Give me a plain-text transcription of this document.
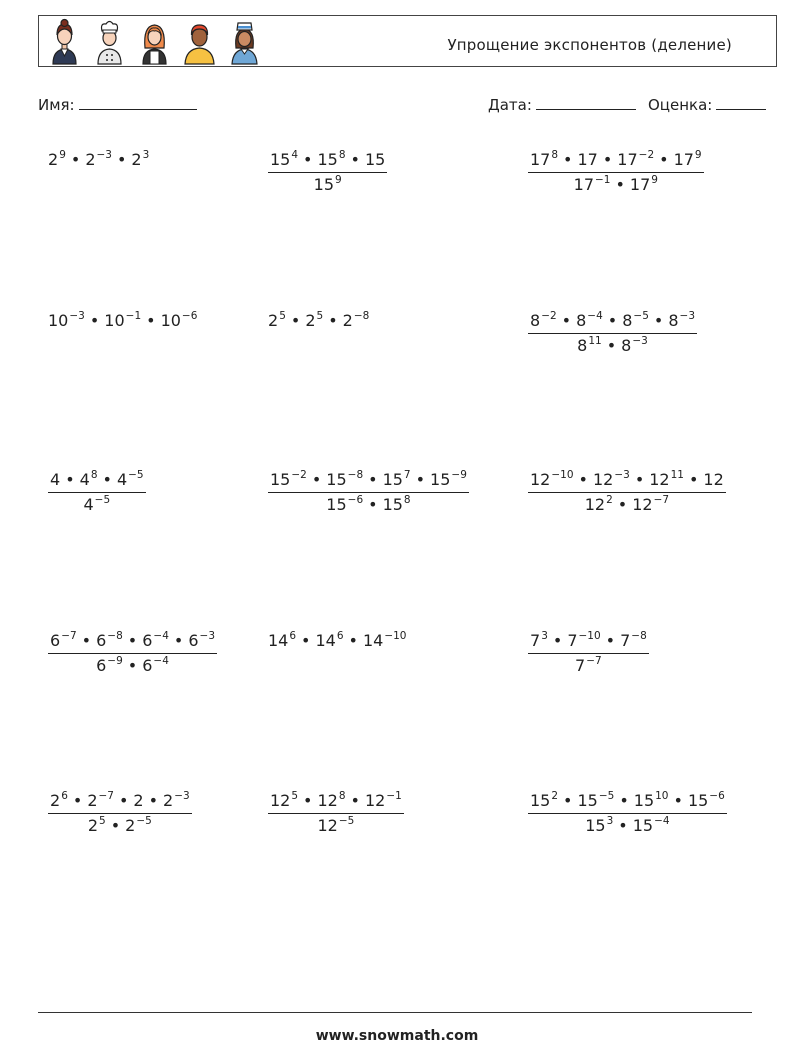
Упрощение экспонентов (деление)
Имя:	Дата:	Оценка:
$2^9$ • $2^{-3}$ • $2^3$	$\frac{15^4 • 15^8 • 15}{15^9}$	$\frac{17^8 • 17 • 17^{-2} • 17^9}{17^{-1} • 17^9}$
$10^{-3}$ • $10^{-1}$ • $10^{-6}$	$2^5$ • $2^5$ • $2^{-8}$	$\frac{8^{-2} • 8^{-4} • 8^{-5} • 8^{-3}}{8^{11} • 8^{-3}}$
$\frac{4 • 4^8 • 4^{-5}}{4^{-5}}$	$\frac{15^{-2} • 15^{-8} • 15^7 • 15^{-9}}{15^{-6} • 15^8}$	$\frac{12^{-10} • 12^{-3} • 12^{11} • 12}{12^2 • 12^{-7}}$
$\frac{6^{-7} • 6^{-8} • 6^{-4} • 6^{-3}}{6^{-9} • 6^{-4}}$	$14^6$ • $14^6$ • $14^{-10}$	$\frac{7^3 • 7^{-10} • 7^{-8}}{7^{-7}}$
$\frac{2^6 • 2^{-7} • 2 • 2^{-3}}{2^5 • 2^{-5}}$	$\frac{12^5 • 12^8 • 12^{-1}}{12^{-5}}$	$\frac{15^2 • 15^{-5} • 15^{10} • 15^{-6}}{15^3 • 15^{-4}}$
www.snowmath.com
